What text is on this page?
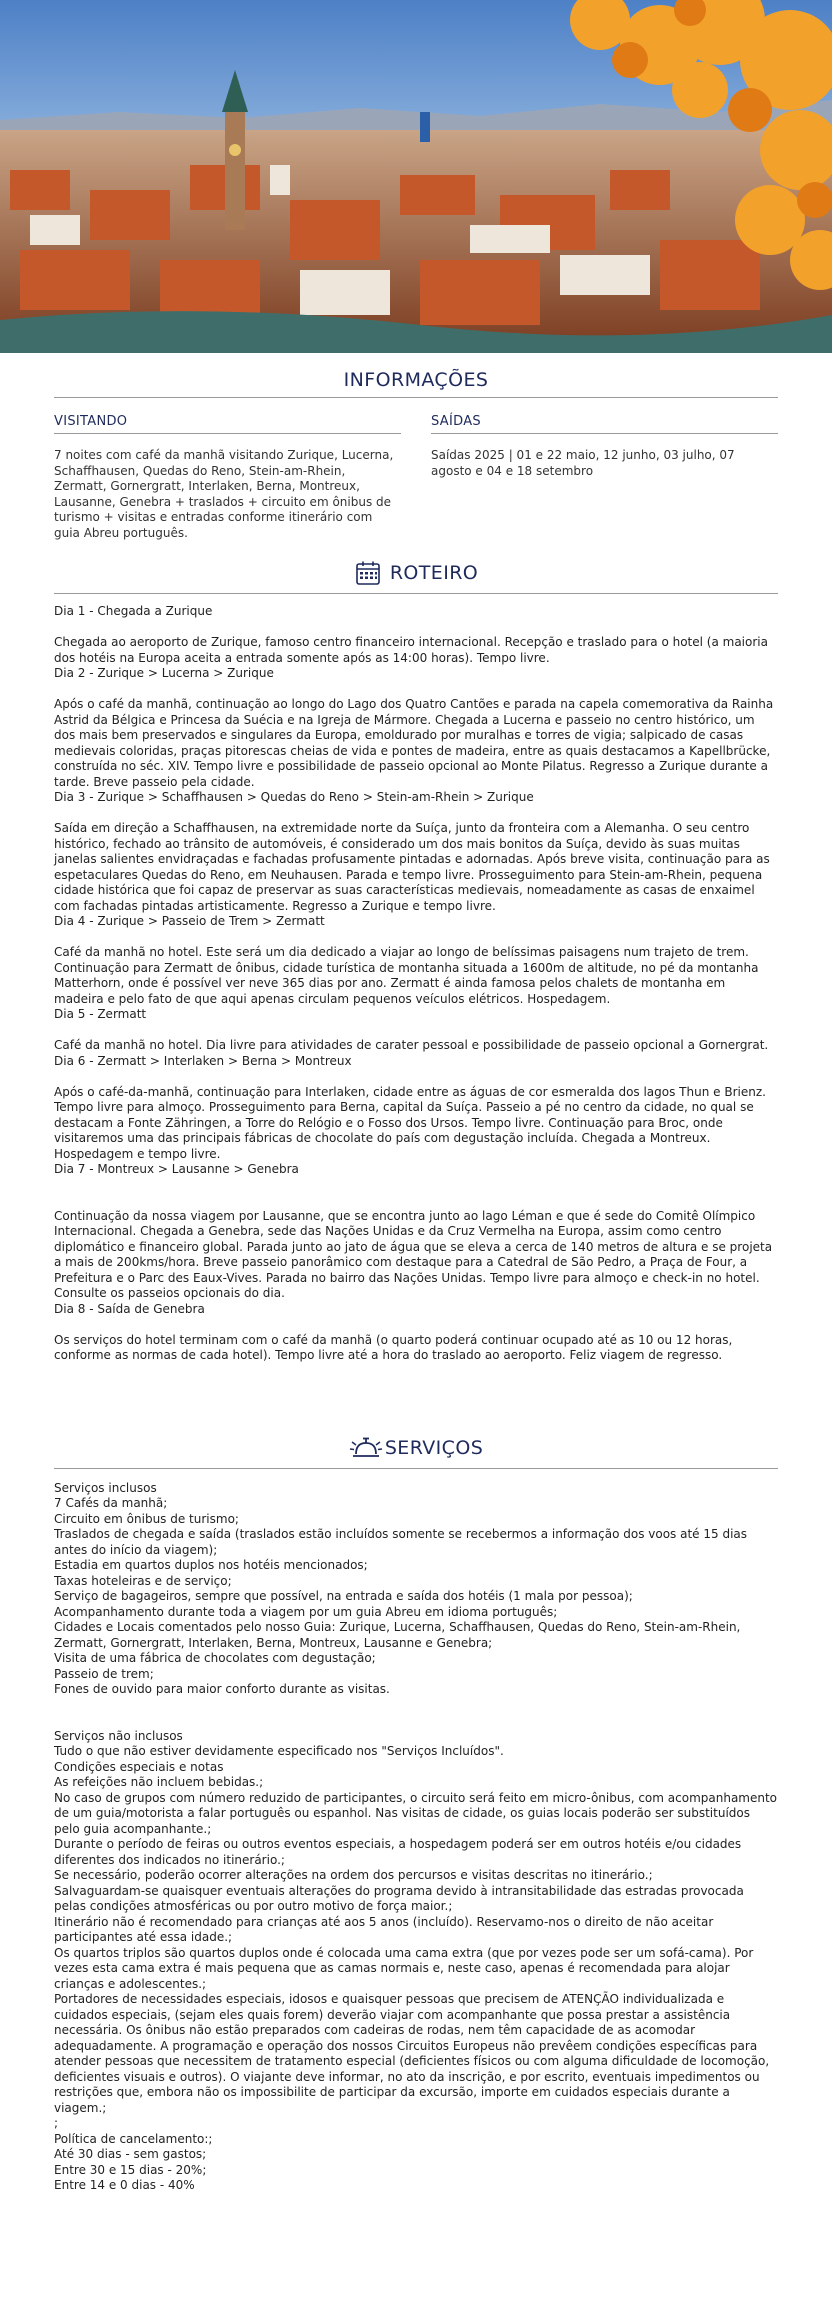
INFORMAÇÕES
VISITANDO

7 noites com café da manhã visitando Zurique, Lucerna, Schaffhausen, Quedas do Reno, Stein-am-Rhein, Zermatt, Gornergratt, Interlaken, Berna, Montreux, Lausanne, Genebra + traslados + circuito em ônibus de turismo + visitas e entradas conforme itinerário com guia Abreu português.

SAÍDAS

Saídas 2025 | 01 e 22 maio, 12 junho, 03 julho, 07 agosto e 04 e 18 setembro

ROTEIRO
Dia 1 - Chegada a Zurique
Chegada ao aeroporto de Zurique, famoso centro financeiro internacional. Recepção e traslado para o hotel (a maioria dos hotéis na Europa aceita a entrada somente após as 14:00 horas). Tempo livre.
Dia 2 - Zurique > Lucerna > Zurique
Após o café da manhã, continuação ao longo do Lago dos Quatro Cantões e parada na capela comemorativa da Rainha Astrid da Bélgica e Princesa da Suécia e na Igreja de Mármore. Chegada a Lucerna e passeio no centro histórico, um dos mais bem preservados e singulares da Europa, emoldurado por muralhas e torres de vigia; salpicado de casas medievais coloridas, praças pitorescas cheias de vida e pontes de madeira, entre as quais destacamos a Kapellbrücke, construída no séc. XIV. Tempo livre e possibilidade de passeio opcional ao Monte Pilatus. Regresso a Zurique durante a tarde. Breve passeio pela cidade.
Dia 3 - Zurique > Schaffhausen > Quedas do Reno > Stein-am-Rhein > Zurique
Saída em direção a Schaffhausen, na extremidade norte da Suíça, junto da fronteira com a Alemanha. O seu centro histórico, fechado ao trânsito de automóveis, é considerado um dos mais bonitos da Suíça, devido às suas muitas janelas salientes envidraçadas e fachadas profusamente pintadas e adornadas. Após breve visita, continuação para as espetaculares Quedas do Reno, em Neuhausen. Parada e tempo livre. Prosseguimento para Stein-am-Rhein, pequena cidade histórica que foi capaz de preservar as suas características medievais, nomeadamente as casas de enxaimel com fachadas pintadas artisticamente. Regresso a Zurique e tempo livre.
Dia 4 - Zurique > Passeio de Trem > Zermatt
Café da manhã no hotel. Este será um dia dedicado a viajar ao longo de belíssimas paisagens num trajeto de trem. Continuação para Zermatt de ônibus, cidade turística de montanha situada a 1600m de altitude, no pé da montanha Matterhorn, onde é possível ver neve 365 dias por ano. Zermatt é ainda famosa pelos chalets de montanha em madeira e pelo fato de que aqui apenas circulam pequenos veículos elétricos. Hospedagem.
Dia 5 - Zermatt
Café da manhã no hotel. Dia livre para atividades de carater pessoal e possibilidade de passeio opcional a Gornergrat.
Dia 6 - Zermatt > Interlaken > Berna > Montreux
Após o café-da-manhã, continuação para Interlaken, cidade entre as águas de cor esmeralda dos lagos Thun e Brienz. Tempo livre para almoço. Prosseguimento para Berna, capital da Suíça. Passeio a pé no centro da cidade, no qual se destacam a Fonte Zähringen, a Torre do Relógio e o Fosso dos Ursos. Tempo livre. Continuação para Broc, onde visitaremos uma das principais fábricas de chocolate do país com degustação incluída. Chegada a Montreux. Hospedagem e tempo livre.
Dia 7 - Montreux > Lausanne > Genebra
Continuação da nossa viagem por Lausanne, que se encontra junto ao lago Léman e que é sede do Comitê Olímpico Internacional. Chegada a Genebra, sede das Nações Unidas e da Cruz Vermelha na Europa, assim como centro diplomático e financeiro global. Parada junto ao jato de água que se eleva a cerca de 140 metros de altura e se projeta a mais de 200kms/hora. Breve passeio panorâmico com destaque para a Catedral de São Pedro, a Praça de Four, a Prefeitura e o Parc des Eaux-Vives. Parada no bairro das Nações Unidas. Tempo livre para almoço e check-in no hotel. Consulte os passeios opcionais do dia.
Dia 8 - Saída de Genebra
Os serviços do hotel terminam com o café da manhã (o quarto poderá continuar ocupado até as 10 ou 12 horas, conforme as normas de cada hotel). Tempo livre até a hora do traslado ao aeroporto. Feliz viagem de regresso.
SERVIÇOS
Serviços inclusos
7 Cafés da manhã;
Circuito em ônibus de turismo;
Traslados de chegada e saída (traslados estão incluídos somente se recebermos a informação dos voos até 15 dias antes do início da viagem);
Estadia em quartos duplos nos hotéis mencionados;
Taxas hoteleiras e de serviço;
Serviço de bagageiros, sempre que possível, na entrada e saída dos hotéis (1 mala por pessoa);
Acompanhamento durante toda a viagem por um guia Abreu em idioma português;
Cidades e Locais comentados pelo nosso Guia: Zurique, Lucerna, Schaffhausen, Quedas do Reno, Stein-am-Rhein, Zermatt, Gornergratt, Interlaken, Berna, Montreux, Lausanne e Genebra;
Visita de uma fábrica de chocolates com degustação;
Passeio de trem;
Fones de ouvido para maior conforto durante as visitas.
Serviços não inclusos
Tudo o que não estiver devidamente especificado nos "Serviços Incluídos".
Condições especiais e notas
As refeições não incluem bebidas.;
No caso de grupos com número reduzido de participantes, o circuito será feito em micro-ônibus, com acompanhamento de um guia/motorista a falar português ou espanhol. Nas visitas de cidade, os guias locais poderão ser substituídos pelo guia acompanhante.;
Durante o período de feiras ou outros eventos especiais, a hospedagem poderá ser em outros hotéis e/ou cidades diferentes dos indicados no itinerário.;
Se necessário, poderão ocorrer alterações na ordem dos percursos e visitas descritas no itinerário.;
Salvaguardam-se quaisquer eventuais alterações do programa devido à intransitabilidade das estradas provocada pelas condições atmosféricas ou por outro motivo de força maior.;
Itinerário não é recomendado para crianças até aos 5 anos (incluído). Reservamo-nos o direito de não aceitar participantes até essa idade.;
Os quartos triplos são quartos duplos onde é colocada uma cama extra (que por vezes pode ser um sofá-cama). Por vezes esta cama extra é mais pequena que as camas normais e, neste caso, apenas é recomendada para alojar crianças e adolescentes.;
Portadores de necessidades especiais, idosos e quaisquer pessoas que precisem de ATENÇÃO individualizada e cuidados especiais, (sejam eles quais forem) deverão viajar com acompanhante que possa prestar a assistência necessária. Os ônibus não estão preparados com cadeiras de rodas, nem têm capacidade de as acomodar adequadamente. A programação e operação dos nossos Circuitos Europeus não prevêem condições específicas para atender pessoas que necessitem de tratamento especial (deficientes físicos ou com alguma dificuldade de locomoção, deficientes visuais e outros). O viajante deve informar, no ato da inscrição, e por escrito, eventuais impedimentos ou restrições que, embora não os impossibilite de participar da excursão, importe em cuidados especiais durante a viagem.;
;
Política de cancelamento:;
Até 30 dias - sem gastos;
Entre 30 e 15 dias - 20%;
Entre 14 e 0 dias - 40%
